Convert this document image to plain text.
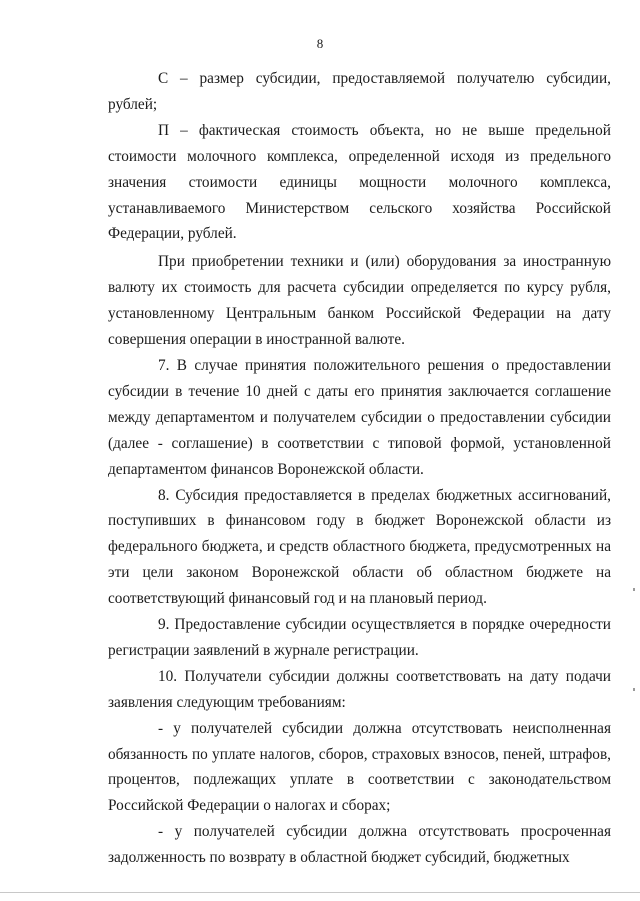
8

С – размер субсидии, предоставляемой получателю субсидии, рублей;

П – фактическая стоимость объекта, но не выше предельной стоимости молочного комплекса, определенной исходя из предельного значения стоимости единицы мощности молочного комплекса, устанавливаемого Министерством сельского хозяйства Российской Федерации, рублей.

При приобретении техники и (или) оборудования за иностранную валюту их стоимость для расчета субсидии определяется по курсу рубля, установленному Центральным банком Российской Федерации на дату совершения операции в иностранной валюте.

7. В случае принятия положительного решения о предоставлении субсидии в течение 10 дней с даты его принятия заключается соглашение между департаментом и получателем субсидии о предоставлении субсидии (далее - соглашение) в соответствии с типовой формой, установленной департаментом финансов Воронежской области.

8. Субсидия предоставляется в пределах бюджетных ассигнований, поступивших в финансовом году в бюджет Воронежской области из федерального бюджета, и средств областного бюджета, предусмотренных на эти цели законом Воронежской области об областном бюджете на соответствующий финансовый год и на плановый период.

9. Предоставление субсидии осуществляется в порядке очередности регистрации заявлений в журнале регистрации.

10. Получатели субсидии должны соответствовать на дату подачи заявления следующим требованиям:

- у получателей субсидии должна отсутствовать неисполненная обязанность по уплате налогов, сборов, страховых взносов, пеней, штрафов, процентов, подлежащих уплате в соответствии с законодательством Российской Федерации о налогах и сборах;

- у получателей субсидии должна отсутствовать просроченная задолженность по возврату в областной бюджет субсидий, бюджетных
